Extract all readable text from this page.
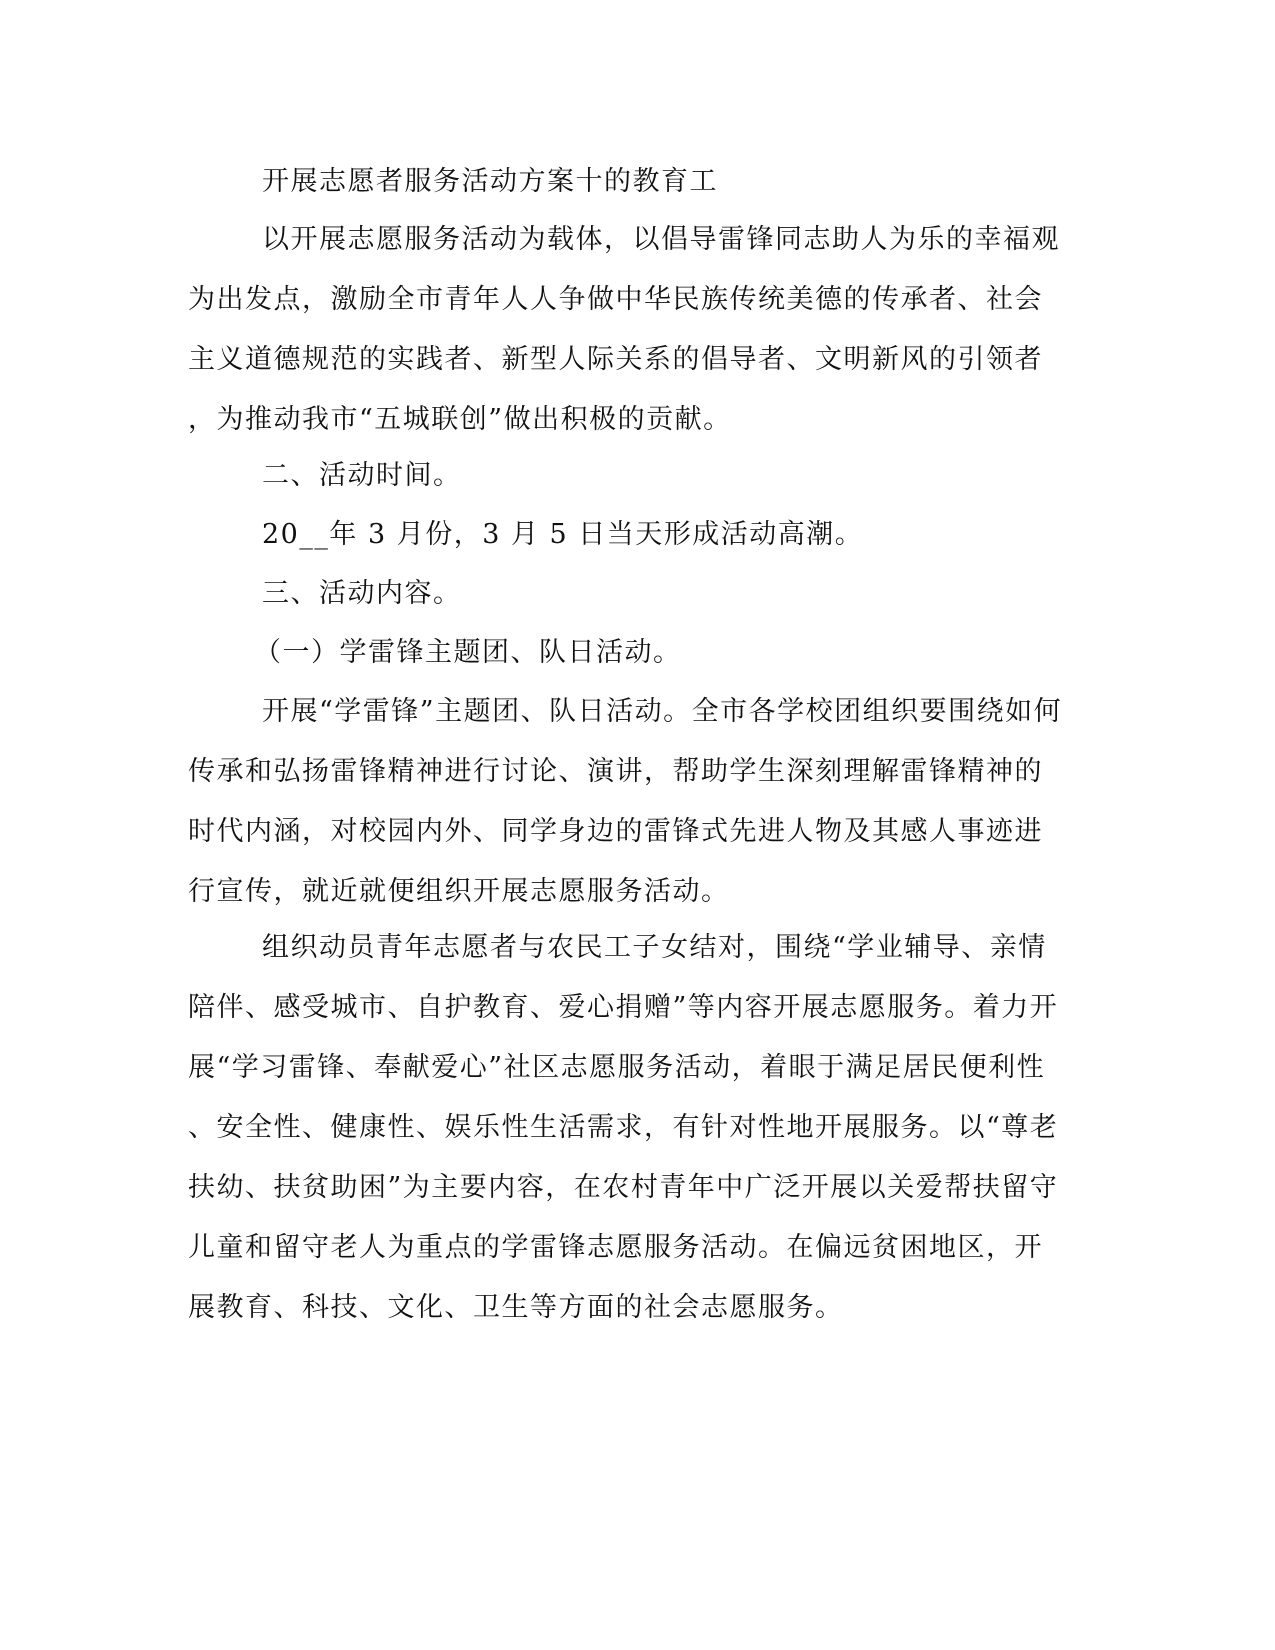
开展志愿者服务活动方案十的教育工

以开展志愿服务活动为载体，以倡导雷锋同志助人为乐的幸福观
为出发点，激励全市青年人人争做中华民族传统美德的传承者、社会
主义道德规范的实践者、新型人际关系的倡导者、文明新风的引领者
，为推动我市“五城联创”做出积极的贡献。

二、活动时间。

20__年 3 月份，3 月 5 日当天形成活动高潮。

三、活动内容。

（一）学雷锋主题团、队日活动。

开展“学雷锋”主题团、队日活动。全市各学校团组织要围绕如何
传承和弘扬雷锋精神进行讨论、演讲，帮助学生深刻理解雷锋精神的
时代内涵，对校园内外、同学身边的雷锋式先进人物及其感人事迹进
行宣传，就近就便组织开展志愿服务活动。

组织动员青年志愿者与农民工子女结对，围绕“学业辅导、亲情
陪伴、感受城市、自护教育、爱心捐赠”等内容开展志愿服务。着力开
展“学习雷锋、奉献爱心”社区志愿服务活动，着眼于满足居民便利性
、安全性、健康性、娱乐性生活需求，有针对性地开展服务。以“尊老
扶幼、扶贫助困”为主要内容，在农村青年中广泛开展以关爱帮扶留守
儿童和留守老人为重点的学雷锋志愿服务活动。在偏远贫困地区，开
展教育、科技、文化、卫生等方面的社会志愿服务。
